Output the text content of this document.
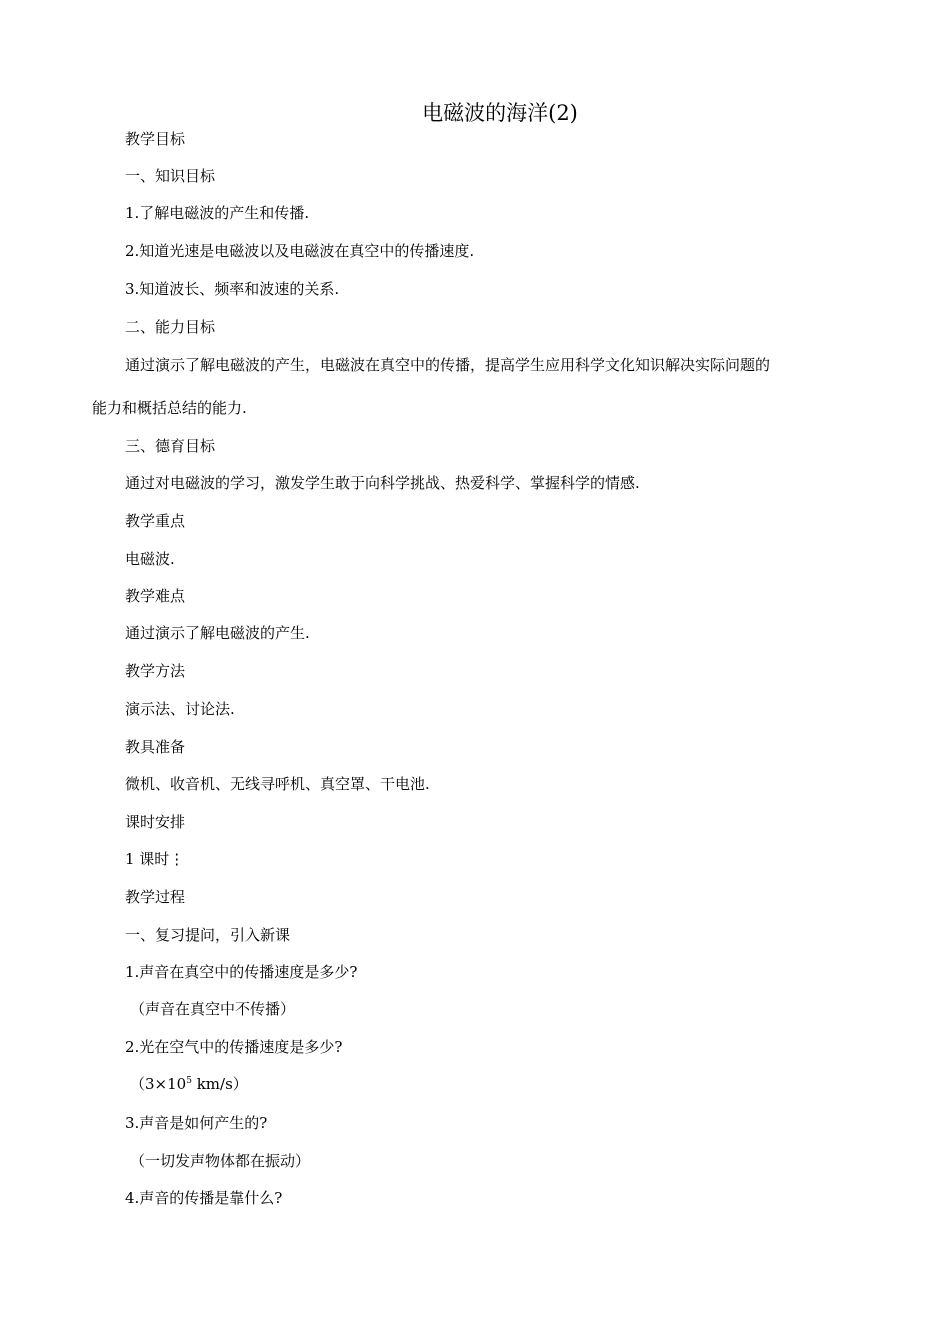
电磁波的海洋(2)
教学目标
一、知识目标
1.了解电磁波的产生和传播.
2.知道光速是电磁波以及电磁波在真空中的传播速度.
3.知道波长、频率和波速的关系.
二、能力目标
通过演示了解电磁波的产生，电磁波在真空中的传播，提高学生应用科学文化知识解决实际问题的
能力和概括总结的能力.
三、德育目标
通过对电磁波的学习，激发学生敢于向科学挑战、热爱科学、掌握科学的情感.
教学重点
电磁波.
教学难点
通过演示了解电磁波的产生.
教学方法
演示法、讨论法.
教具准备
微机、收音机、无线寻呼机、真空罩、干电池.
课时安排
1 课时⋮
教学过程
一、复习提问，引入新课
1.声音在真空中的传播速度是多少?
（声音在真空中不传播）
2.光在空气中的传播速度是多少?
（$3\times 10^5$ km/s）
3.声音是如何产生的?
（一切发声物体都在振动）
4.声音的传播是靠什么?
